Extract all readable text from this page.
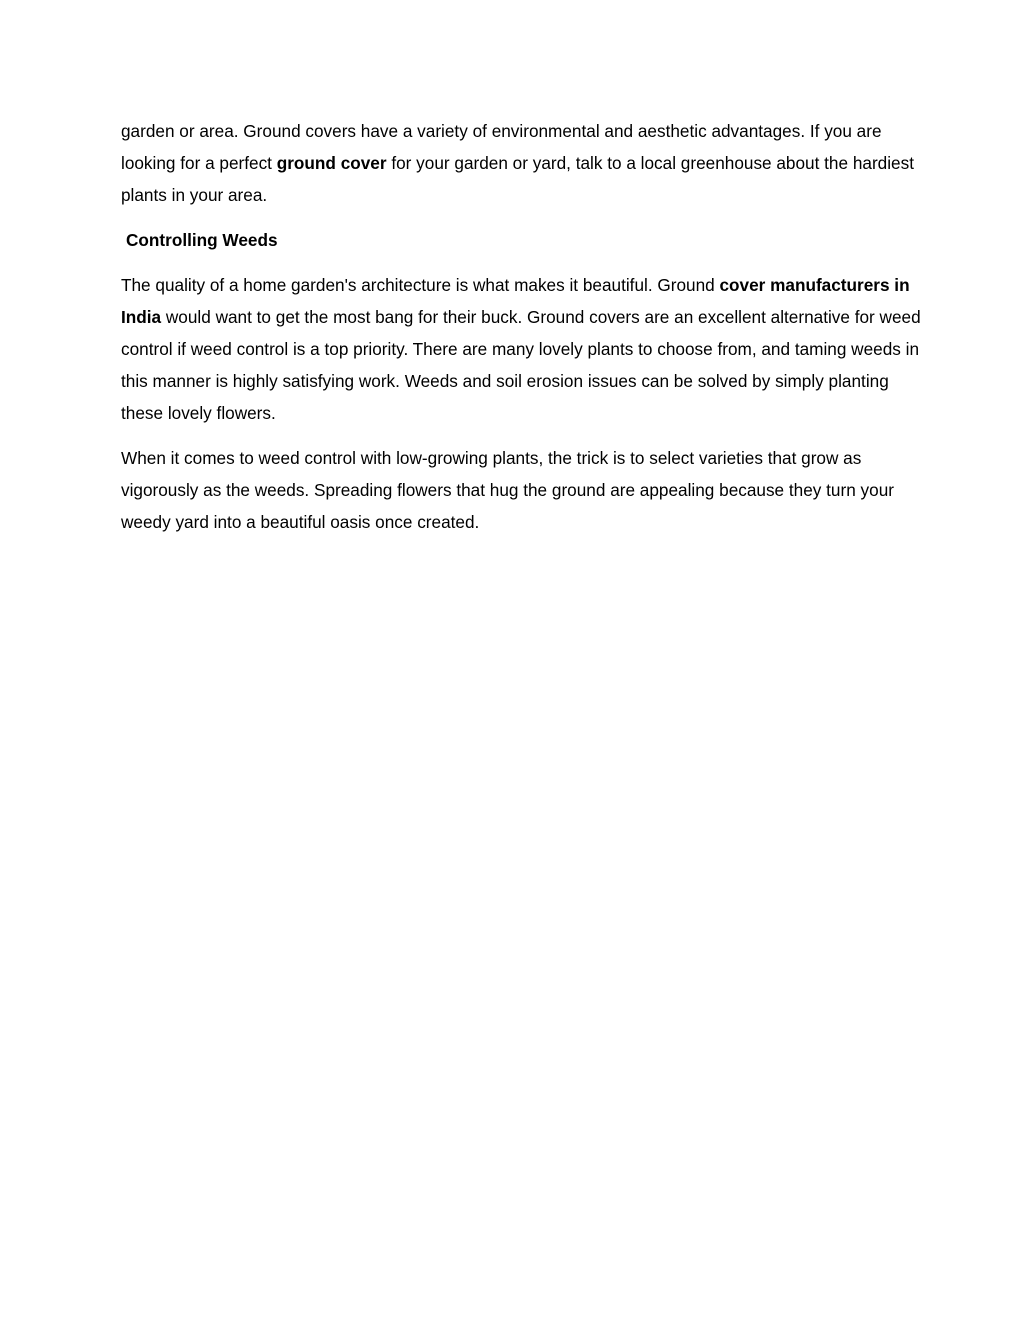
garden or area. Ground covers have a variety of environmental and aesthetic advantages. If you are looking for a perfect ground cover for your garden or yard, talk to a local greenhouse about the hardiest plants in your area.

Controlling Weeds

The quality of a home garden's architecture is what makes it beautiful. Ground cover manufacturers in India would want to get the most bang for their buck. Ground covers are an excellent alternative for weed control if weed control is a top priority. There are many lovely plants to choose from, and taming weeds in this manner is highly satisfying work. Weeds and soil erosion issues can be solved by simply planting these lovely flowers.

When it comes to weed control with low-growing plants, the trick is to select varieties that grow as vigorously as the weeds. Spreading flowers that hug the ground are appealing because they turn your weedy yard into a beautiful oasis once created.
